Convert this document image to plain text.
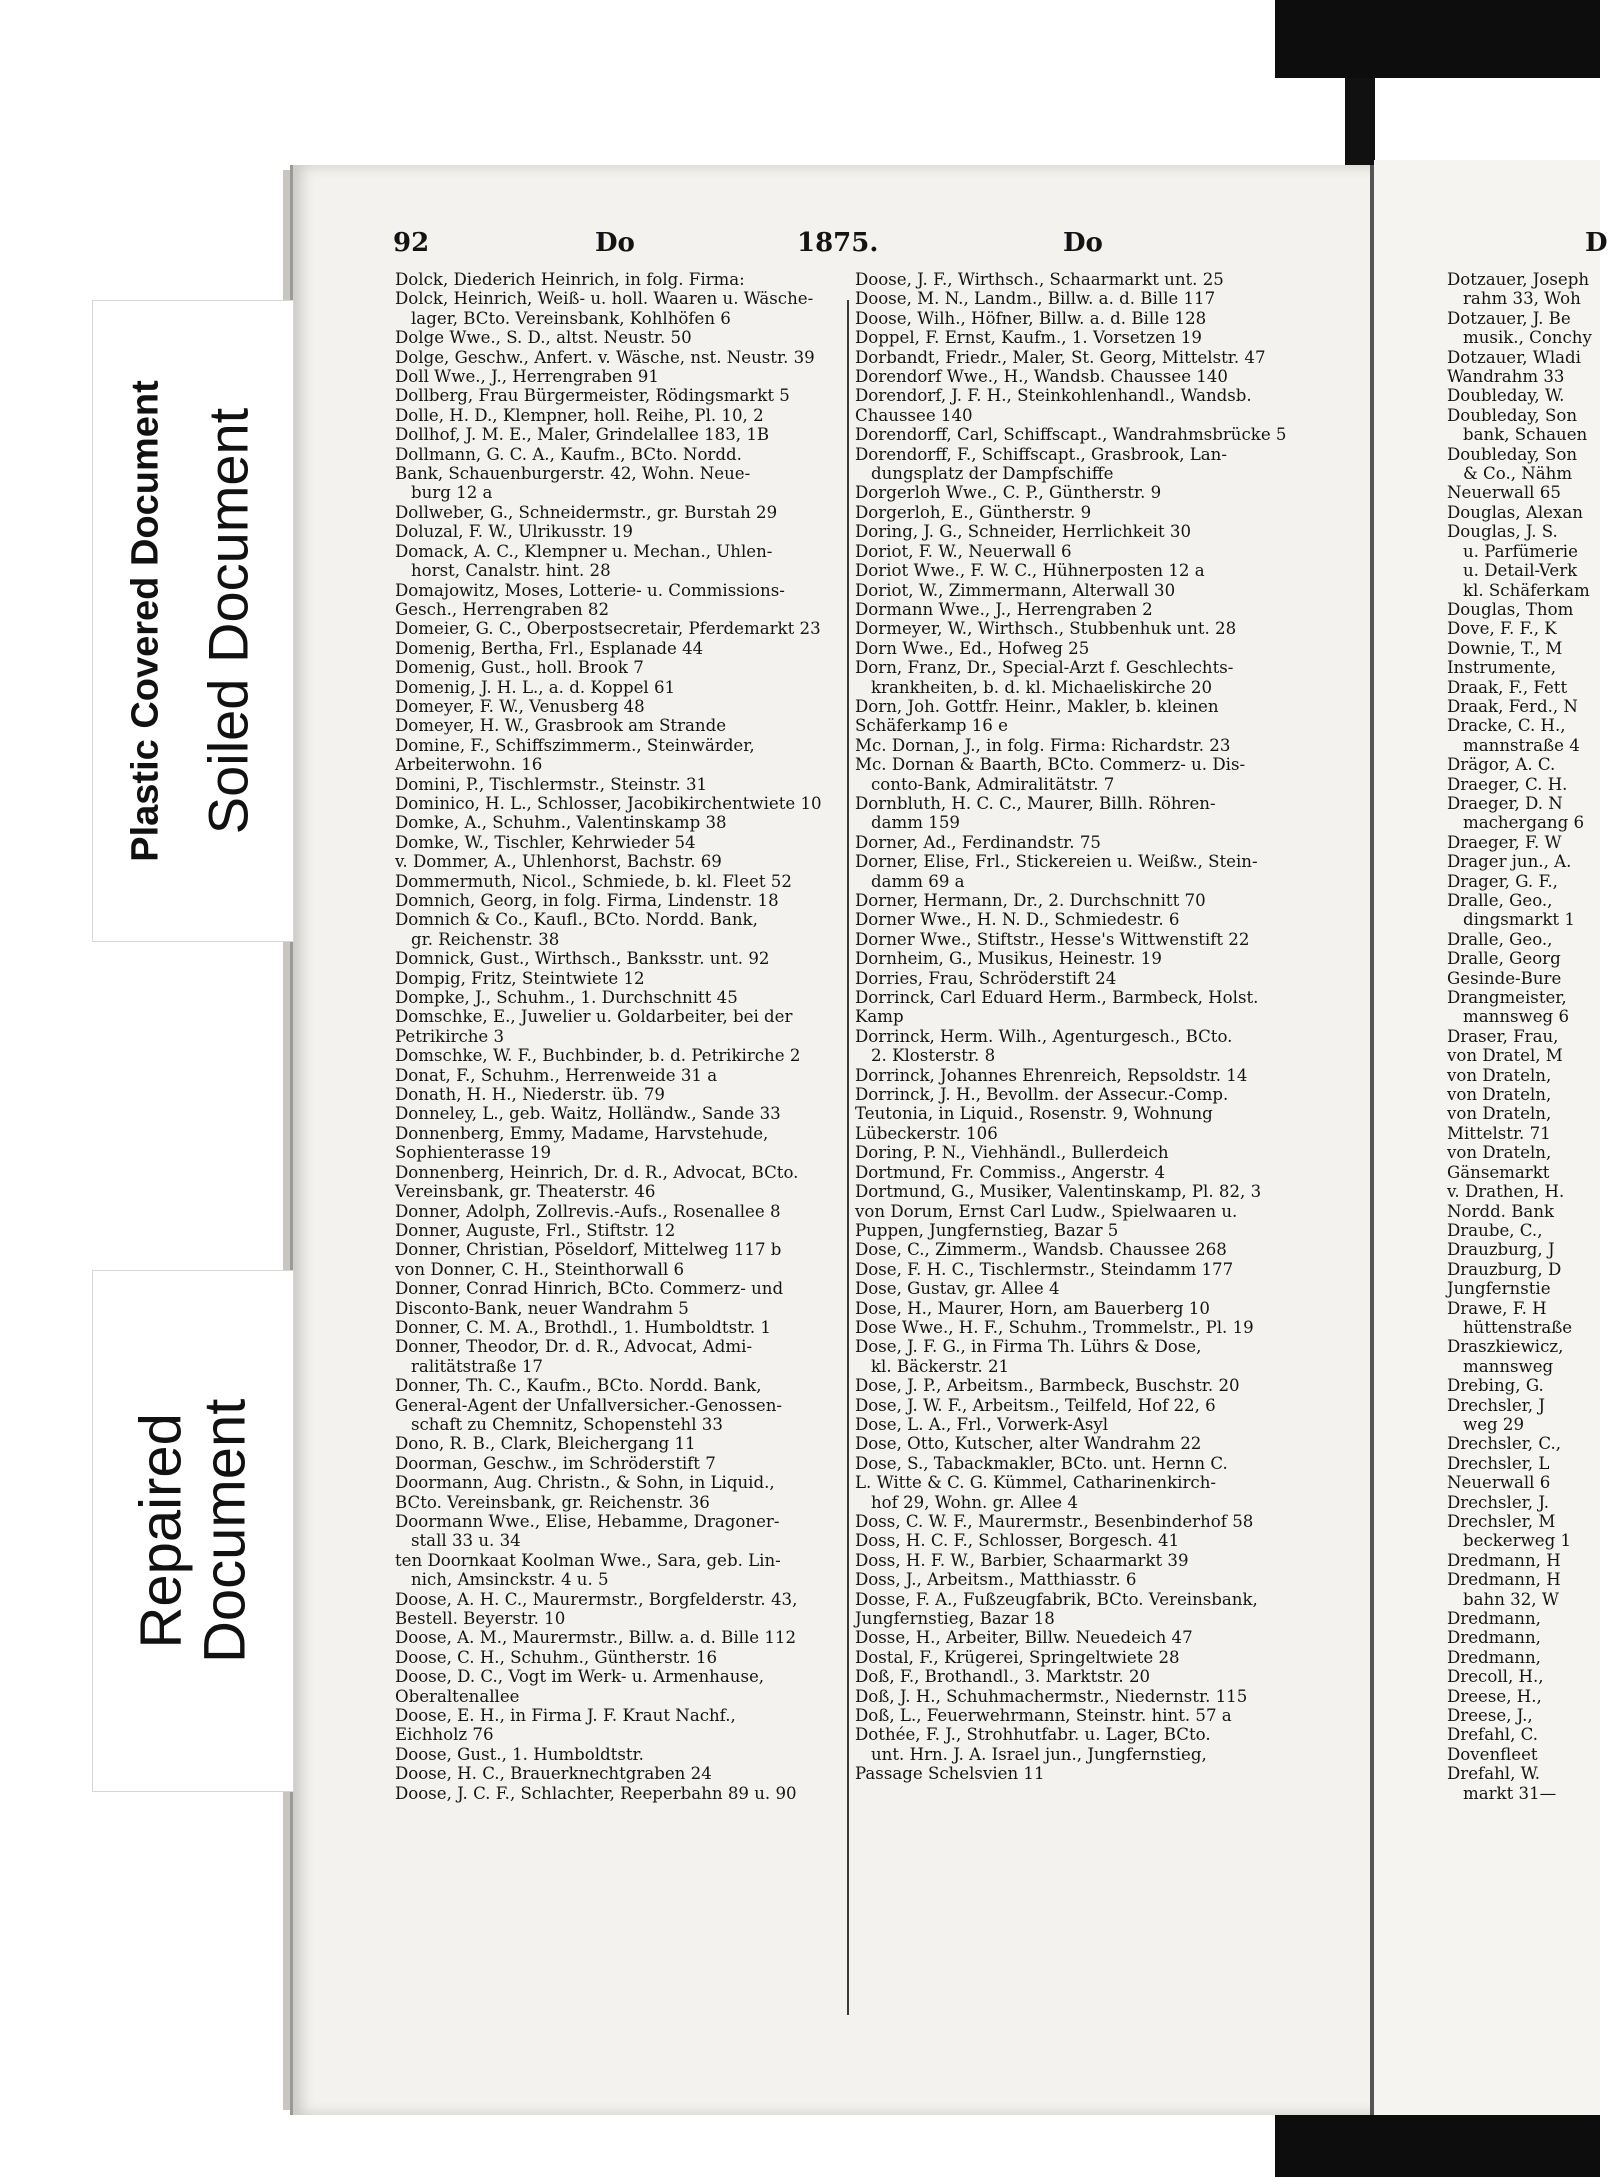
Plastic Covered Document Soiled Document
Repaired
Document
92	Do	1875.	Do	D
Dolck, Diederich Heinrich, in folg. Firma:
Dolck, Heinrich, Weiß- u. holl. Waaren u. Wäsche-
lager, BCto. Vereinsbank, Kohlhöfen 6
Dolge Wwe., S. D., altst. Neustr. 50
Dolge, Geschw., Anfert. v. Wäsche, nst. Neustr. 39
Doll Wwe., J., Herrengraben 91
Dollberg, Frau Bürgermeister, Rödingsmarkt 5
Dolle, H. D., Klempner, holl. Reihe, Pl. 10, 2
Dollhof, J. M. E., Maler, Grindelallee 183, 1B
Dollmann, G. C. A., Kaufm., BCto. Nordd.
Bank, Schauenburgerstr. 42, Wohn. Neue-
burg 12 a
Dollweber, G., Schneidermstr., gr. Burstah 29
Doluzal, F. W., Ulrikusstr. 19
Domack, A. C., Klempner u. Mechan., Uhlen-
horst, Canalstr. hint. 28
Domajowitz, Moses, Lotterie- u. Commissions-
Gesch., Herrengraben 82
Domeier, G. C., Oberpostsecretair, Pferdemarkt 23
Domenig, Bertha, Frl., Esplanade 44
Domenig, Gust., holl. Brook 7
Domenig, J. H. L., a. d. Koppel 61
Domeyer, F. W., Venusberg 48
Domeyer, H. W., Grasbrook am Strande
Domine, F., Schiffszimmerm., Steinwärder,
Arbeiterwohn. 16
Domini, P., Tischlermstr., Steinstr. 31
Dominico, H. L., Schlosser, Jacobikirchentwiete 10
Domke, A., Schuhm., Valentinskamp 38
Domke, W., Tischler, Kehrwieder 54
v. Dommer, A., Uhlenhorst, Bachstr. 69
Dommermuth, Nicol., Schmiede, b. kl. Fleet 52
Domnich, Georg, in folg. Firma, Lindenstr. 18
Domnich & Co., Kaufl., BCto. Nordd. Bank,
gr. Reichenstr. 38
Domnick, Gust., Wirthsch., Banksstr. unt. 92
Dompig, Fritz, Steintwiete 12
Dompke, J., Schuhm., 1. Durchschnitt 45
Domschke, E., Juwelier u. Goldarbeiter, bei der
Petrikirche 3
Domschke, W. F., Buchbinder, b. d. Petrikirche 2
Donat, F., Schuhm., Herrenweide 31 a
Donath, H. H., Niederstr. üb. 79
Donneley, L., geb. Waitz, Holländw., Sande 33
Donnenberg, Emmy, Madame, Harvstehude,
Sophienterasse 19
Donnenberg, Heinrich, Dr. d. R., Advocat, BCto.
Vereinsbank, gr. Theaterstr. 46
Donner, Adolph, Zollrevis.-Aufs., Rosenallee 8
Donner, Auguste, Frl., Stiftstr. 12
Donner, Christian, Pöseldorf, Mittelweg 117 b
von Donner, C. H., Steinthorwall 6
Donner, Conrad Hinrich, BCto. Commerz- und
Disconto-Bank, neuer Wandrahm 5
Donner, C. M. A., Brothdl., 1. Humboldtstr. 1
Donner, Theodor, Dr. d. R., Advocat, Admi-
ralitätstraße 17
Donner, Th. C., Kaufm., BCto. Nordd. Bank,
General-Agent der Unfallversicher.-Genossen-
schaft zu Chemnitz, Schopenstehl 33
Dono, R. B., Clark, Bleichergang 11
Doorman, Geschw., im Schröderstift 7
Doormann, Aug. Christn., & Sohn, in Liquid.,
BCto. Vereinsbank, gr. Reichenstr. 36
Doormann Wwe., Elise, Hebamme, Dragoner-
stall 33 u. 34
ten Doornkaat Koolman Wwe., Sara, geb. Lin-
nich, Amsinckstr. 4 u. 5
Doose, A. H. C., Maurermstr., Borgfelderstr. 43,
Bestell. Beyerstr. 10
Doose, A. M., Maurermstr., Billw. a. d. Bille 112
Doose, C. H., Schuhm., Güntherstr. 16
Doose, D. C., Vogt im Werk- u. Armenhause,
Oberaltenallee
Doose, E. H., in Firma J. F. Kraut Nachf.,
Eichholz 76
Doose, Gust., 1. Humboldtstr.
Doose, H. C., Brauerknechtgraben 24
Doose, J. C. F., Schlachter, Reeperbahn 89 u. 90
Doose, J. F., Wirthsch., Schaarmarkt unt. 25
Doose, M. N., Landm., Billw. a. d. Bille 117
Doose, Wilh., Höfner, Billw. a. d. Bille 128
Doppel, F. Ernst, Kaufm., 1. Vorsetzen 19
Dorbandt, Friedr., Maler, St. Georg, Mittelstr. 47
Dorendorf Wwe., H., Wandsb. Chaussee 140
Dorendorf, J. F. H., Steinkohlenhandl., Wandsb.
Chaussee 140
Dorendorff, Carl, Schiffscapt., Wandrahmsbrücke 5
Dorendorff, F., Schiffscapt., Grasbrook, Lan-
dungsplatz der Dampfschiffe
Dorgerloh Wwe., C. P., Güntherstr. 9
Dorgerloh, E., Güntherstr. 9
Doring, J. G., Schneider, Herrlichkeit 30
Doriot, F. W., Neuerwall 6
Doriot Wwe., F. W. C., Hühnerposten 12 a
Doriot, W., Zimmermann, Alterwall 30
Dormann Wwe., J., Herrengraben 2
Dormeyer, W., Wirthsch., Stubbenhuk unt. 28
Dorn Wwe., Ed., Hofweg 25
Dorn, Franz, Dr., Special-Arzt f. Geschlechts-
krankheiten, b. d. kl. Michaeliskirche 20
Dorn, Joh. Gottfr. Heinr., Makler, b. kleinen
Schäferkamp 16 e
Mc. Dornan, J., in folg. Firma: Richardstr. 23
Mc. Dornan & Baarth, BCto. Commerz- u. Dis-
conto-Bank, Admiralitätstr. 7
Dornbluth, H. C. C., Maurer, Billh. Röhren-
damm 159
Dorner, Ad., Ferdinandstr. 75
Dorner, Elise, Frl., Stickereien u. Weißw., Stein-
damm 69 a
Dorner, Hermann, Dr., 2. Durchschnitt 70
Dorner Wwe., H. N. D., Schmiedestr. 6
Dorner Wwe., Stiftstr., Hesse's Wittwenstift 22
Dornheim, G., Musikus, Heinestr. 19
Dorries, Frau, Schröderstift 24
Dorrinck, Carl Eduard Herm., Barmbeck, Holst.
Kamp
Dorrinck, Herm. Wilh., Agenturgesch., BCto.
2. Klosterstr. 8
Dorrinck, Johannes Ehrenreich, Repsoldstr. 14
Dorrinck, J. H., Bevollm. der Assecur.-Comp.
Teutonia, in Liquid., Rosenstr. 9, Wohnung
Lübeckerstr. 106
Doring, P. N., Viehhändl., Bullerdeich
Dortmund, Fr. Commiss., Angerstr. 4
Dortmund, G., Musiker, Valentinskamp, Pl. 82, 3
von Dorum, Ernst Carl Ludw., Spielwaaren u.
Puppen, Jungfernstieg, Bazar 5
Dose, C., Zimmerm., Wandsb. Chaussee 268
Dose, F. H. C., Tischlermstr., Steindamm 177
Dose, Gustav, gr. Allee 4
Dose, H., Maurer, Horn, am Bauerberg 10
Dose Wwe., H. F., Schuhm., Trommelstr., Pl. 19
Dose, J. F. G., in Firma Th. Lührs & Dose,
kl. Bäckerstr. 21
Dose, J. P., Arbeitsm., Barmbeck, Buschstr. 20
Dose, J. W. F., Arbeitsm., Teilfeld, Hof 22, 6
Dose, L. A., Frl., Vorwerk-Asyl
Dose, Otto, Kutscher, alter Wandrahm 22
Dose, S., Tabackmakler, BCto. unt. Hernn C.
L. Witte & C. G. Kümmel, Catharinenkirch-
hof 29, Wohn. gr. Allee 4
Doss, C. W. F., Maurermstr., Besenbinderhof 58
Doss, H. C. F., Schlosser, Borgesch. 41
Doss, H. F. W., Barbier, Schaarmarkt 39
Doss, J., Arbeitsm., Matthiasstr. 6
Dosse, F. A., Fußzeugfabrik, BCto. Vereinsbank,
Jungfernstieg, Bazar 18
Dosse, H., Arbeiter, Billw. Neuedeich 47
Dostal, F., Krügerei, Springeltwiete 28
Doß, F., Brothandl., 3. Marktstr. 20
Doß, J. H., Schuhmachermstr., Niedernstr. 115
Doß, L., Feuerwehrmann, Steinstr. hint. 57 a
Dothée, F. J., Strohhutfabr. u. Lager, BCto.
unt. Hrn. J. A. Israel jun., Jungfernstieg,
Passage Schelsvien 11
Dotzauer, Joseph
rahm 33, Woh
Dotzauer, J. Be
musik., Conchy
Dotzauer, Wladi
Wandrahm 33
Doubleday, W.
Doubleday, Son
bank, Schauen
Doubleday, Son
& Co., Nähm
Neuerwall 65
Douglas, Alexan
Douglas, J. S.
u. Parfümerie
u. Detail-Verk
kl. Schäferkam
Douglas, Thom
Dove, F. F., K
Downie, T., M
Instrumente,
Draak, F., Fett
Draak, Ferd., N
Dracke, C. H.,
mannstraße 4
Drägor, A. C.
Draeger, C. H.
Draeger, D. N
machergang 6
Draeger, F. W
Drager jun., A.
Drager, G. F.,
Dralle, Geo.,
dingsmarkt 1
Dralle, Geo.,
Dralle, Georg
Gesinde-Bure
Drangmeister,
mannsweg 6
Draser, Frau,
von Dratel, M
von Drateln,
von Drateln,
von Drateln,
Mittelstr. 71
von Drateln,
Gänsemarkt
v. Drathen, H.
Nordd. Bank
Draube, C.,
Drauzburg, J
Drauzburg, D
Jungfernstie
Drawe, F. H
hüttenstraße
Draszkiewicz,
mannsweg
Drebing, G.
Drechsler, J
weg 29
Drechsler, C.,
Drechsler, L
Neuerwall 6
Drechsler, J.
Drechsler, M
beckerweg 1
Dredmann, H
Dredmann, H
bahn 32, W
Dredmann,
Dredmann,
Dredmann,
Drecoll, H.,
Dreese, H.,
Dreese, J.,
Drefahl, C.
Dovenfleet
Drefahl, W.
markt 31—
